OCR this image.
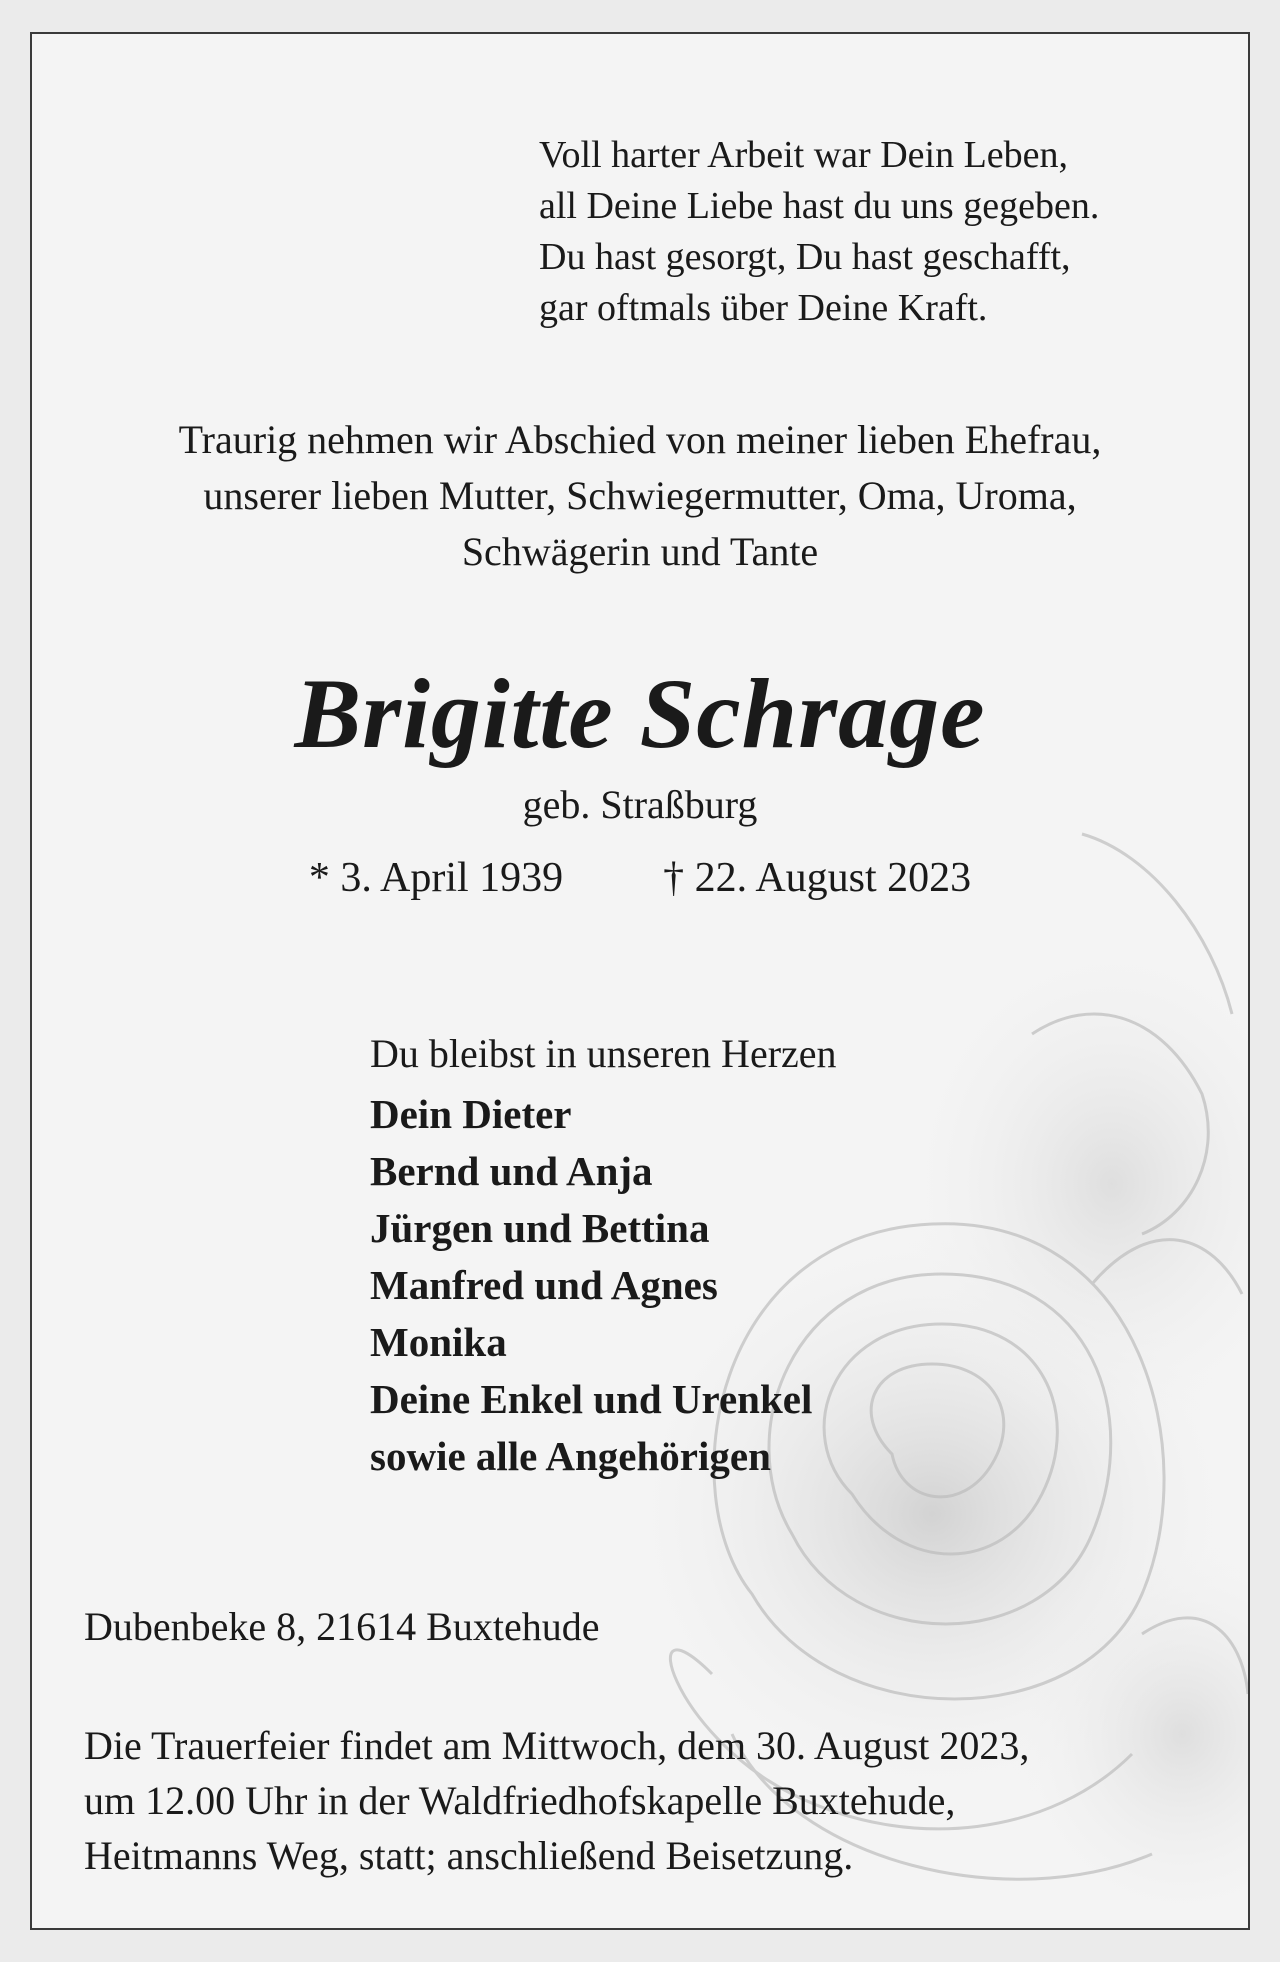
Voll harter Arbeit war Dein Leben,
all Deine Liebe hast du uns gegeben.
Du hast gesorgt, Du hast geschafft,
gar oftmals über Deine Kraft.
Traurig nehmen wir Abschied von meiner lieben Ehefrau,
unserer lieben Mutter, Schwiegermutter, Oma, Uroma,
Schwägerin und Tante
Brigitte Schrage
geb. Straßburg
* 3. April 1939 † 22. August 2023
Du bleibst in unseren Herzen
Dein Dieter
Bernd und Anja
Jürgen und Bettina
Manfred und Agnes
Monika
Deine Enkel und Urenkel
sowie alle Angehörigen
Dubenbeke 8, 21614 Buxtehude
Die Trauerfeier findet am Mittwoch, dem 30. August 2023,
um 12.00 Uhr in der Waldfriedhofskapelle Buxtehude,
Heitmanns Weg, statt; anschließend Beisetzung.
